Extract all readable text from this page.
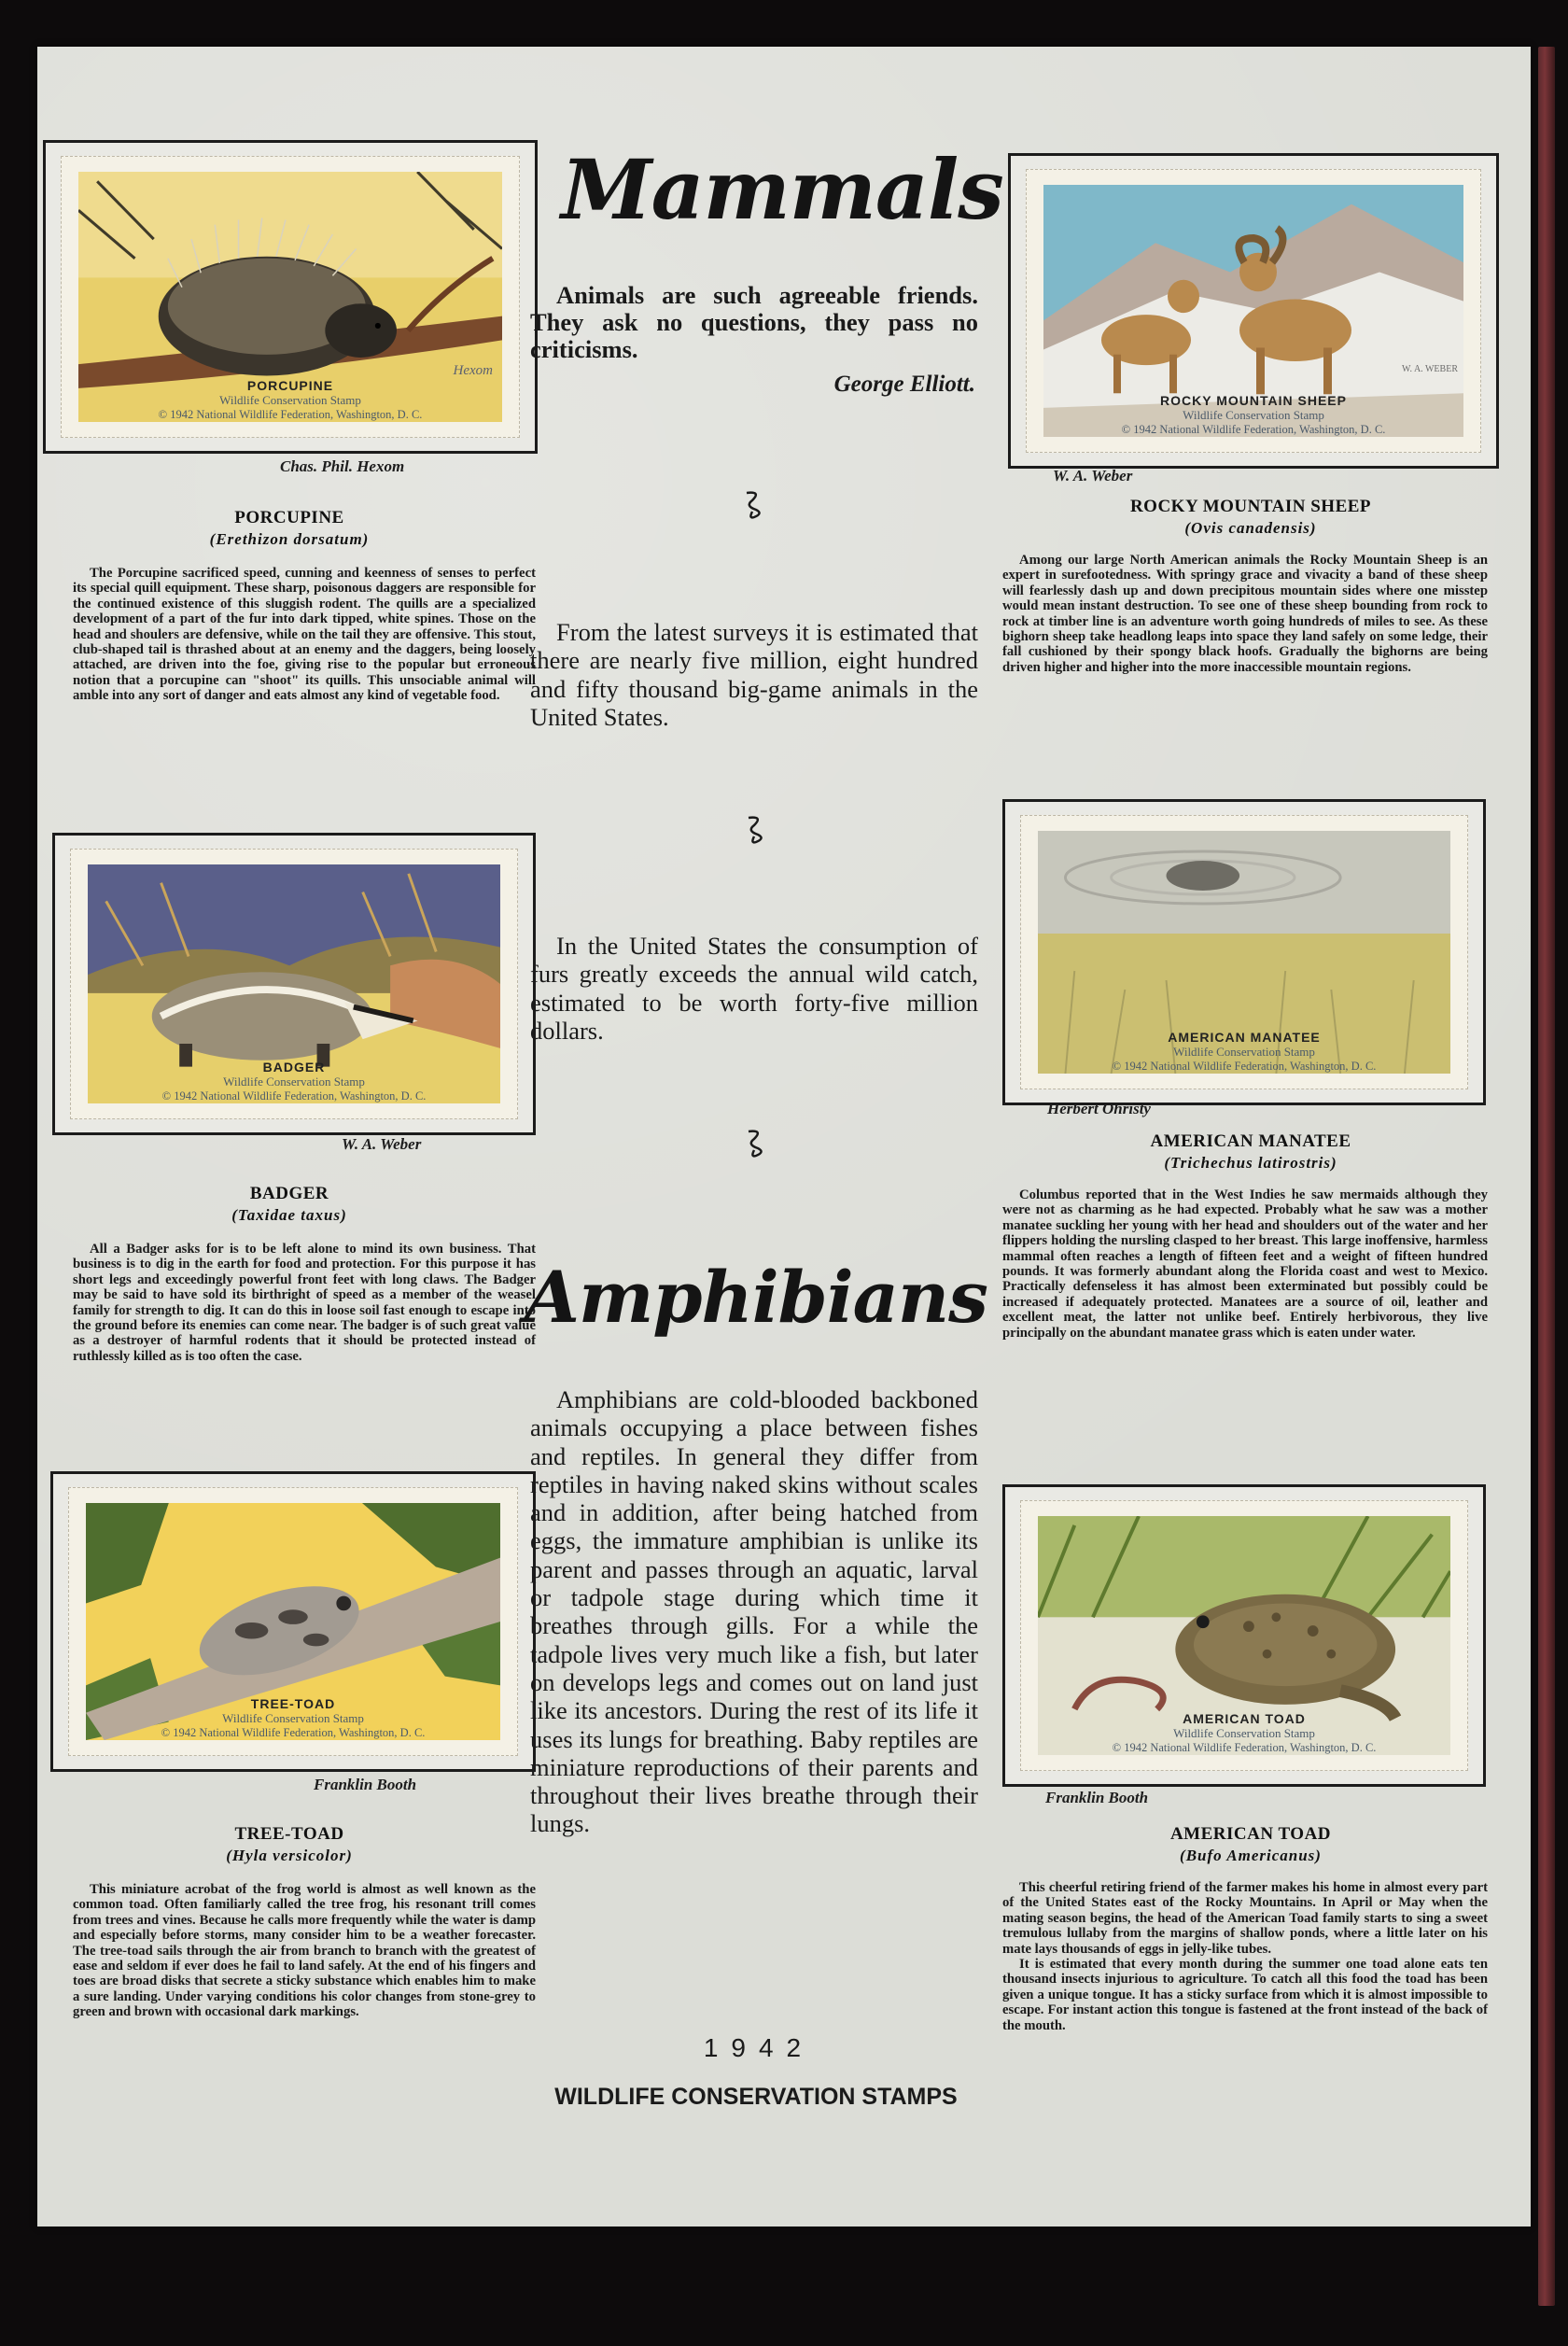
PORCUPINE
Wildlife Conservation Stamp
© 1942 National Wildlife Federation, Washington, D. C.
Hexom
Chas. Phil. Hexom
PORCUPINE
(Erethizon dorsatum)

The Porcupine sacrificed speed, cunning and keenness of senses to perfect its special quill equipment. These sharp, poisonous daggers are responsible for the continued existence of this sluggish rodent. The quills are a specialized development of a part of the fur into dark tipped, white spines. Those on the head and shoulers are defensive, while on the tail they are offensive. This stout, club-shaped tail is thrashed about at an enemy and the daggers, being loosely attached, are driven into the foe, giving rise to the popular but erroneous notion that a porcupine can "shoot" its quills. This unsociable animal will amble into any sort of danger and eats almost any kind of vegetable food.

BADGER
Wildlife Conservation Stamp
© 1942 National Wildlife Federation, Washington, D. C.
W. A. Weber
BADGER
(Taxidae taxus)

All a Badger asks for is to be left alone to mind its own business. That business is to dig in the earth for food and protection. For this purpose it has short legs and exceedingly powerful front feet with long claws. The Badger may be said to have sold its birthright of speed as a member of the weasel family for strength to dig. It can do this in loose soil fast enough to escape into the ground before its enemies can come near. The badger is of such great value as a destroyer of harmful rodents that it should be protected instead of ruthlessly killed as is too often the case.

TREE-TOAD
Wildlife Conservation Stamp
© 1942 National Wildlife Federation, Washington, D. C.
Franklin Booth
TREE-TOAD
(Hyla versicolor)

This miniature acrobat of the frog world is almost as well known as the common toad. Often familiarly called the tree frog, his resonant trill comes from trees and vines. Because he calls more frequently while the water is damp and especially before storms, many consider him to be a weather forecaster. The tree-toad sails through the air from branch to branch with the greatest of ease and seldom if ever does he fail to land safely. At the end of his fingers and toes are broad disks that secrete a sticky substance which enables him to make a sure landing. Under varying conditions his color changes from stone-grey to green and brown with occasional dark markings.

Mammals
Animals are such agreeable friends. They ask no questions, they pass no criticisms.
George Elliott.
From the latest surveys it is estimated that there are nearly five million, eight hundred and fifty thousand big-game animals in the United States.
In the United States the consumption of furs greatly exceeds the annual wild catch, estimated to be worth forty-five million dollars.
Amphibians
Amphibians are cold-blooded backboned animals occupying a place between fishes and reptiles. In general they differ from reptiles in having naked skins without scales and in addition, after being hatched from eggs, the immature amphibian is unlike its parent and passes through an aquatic, larval or tadpole stage during which time it breathes through gills. For a while the tadpole lives very much like a fish, but later on develops legs and comes out on land just like its ancestors. During the rest of its life it uses its lungs for breathing. Baby reptiles are miniature reproductions of their parents and throughout their lives breathe through their lungs.
1942
WILDLIFE CONSERVATION STAMPS
ROCKY MOUNTAIN SHEEP
Wildlife Conservation Stamp
© 1942 National Wildlife Federation, Washington, D. C.
W. A. WEBER
W. A. Weber
ROCKY MOUNTAIN SHEEP
(Ovis canadensis)

Among our large North American animals the Rocky Mountain Sheep is an expert in surefootedness. With springy grace and vivacity a band of these sheep will fearlessly dash up and down precipitous mountain sides where one misstep would mean instant destruction. To see one of these sheep bounding from rock to rock at timber line is an adventure worth going hundreds of miles to see. As these bighorn sheep take headlong leaps into space they land safely on some ledge, their fall cushioned by their spongy black hoofs. Gradually the bighorns are being driven higher and higher into the more inaccessible mountain regions.

AMERICAN MANATEE
Wildlife Conservation Stamp
© 1942 National Wildlife Federation, Washington, D. C.
Herbert Ohristy
AMERICAN MANATEE
(Trichechus latirostris)

Columbus reported that in the West Indies he saw mermaids although they were not as charming as he had expected. Probably what he saw was a mother manatee suckling her young with her head and shoulders out of the water and her flippers holding the nursling clasped to her breast. This large inoffensive, harmless mammal often reaches a length of fifteen feet and a weight of fifteen hundred pounds. It was formerly abundant along the Florida coast and west to Mexico. Practically defenseless it has almost been exterminated but possibly could be increased if adequately protected. Manatees are a source of oil, leather and excellent meat, the latter not unlike beef. Entirely herbivorous, they live principally on the abundant manatee grass which is eaten under water.

AMERICAN TOAD
Wildlife Conservation Stamp
© 1942 National Wildlife Federation, Washington, D. C.
Franklin Booth
AMERICAN TOAD
(Bufo Americanus)

This cheerful retiring friend of the farmer makes his home in almost every part of the United States east of the Rocky Mountains. In April or May when the mating season begins, the head of the American Toad family starts to sing a sweet tremulous lullaby from the margins of shallow ponds, where a little later on his mate lays thousands of eggs in jelly-like tubes.

It is estimated that every month during the summer one toad alone eats ten thousand insects injurious to agriculture. To catch all this food the toad has been given a unique tongue. It has a sticky surface from which it is almost impossible to escape. For instant action this tongue is fastened at the front instead of the back of the mouth.
